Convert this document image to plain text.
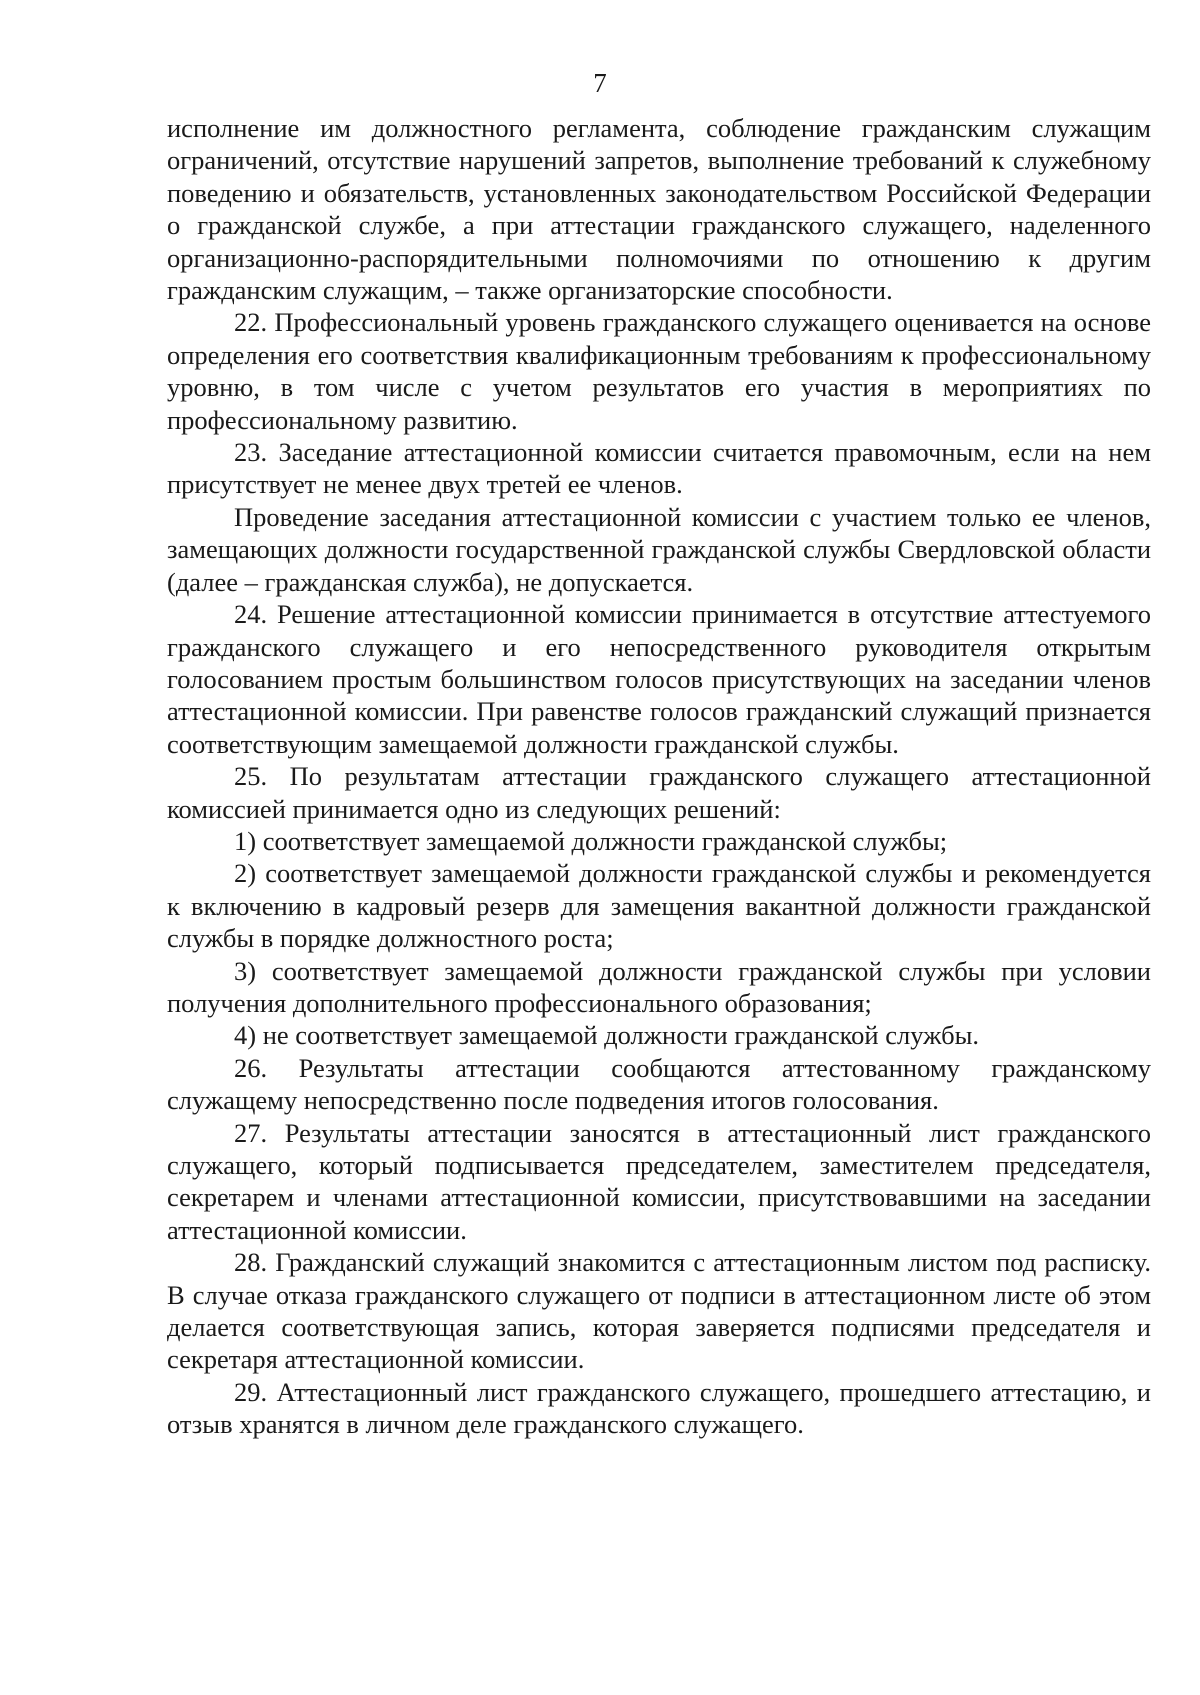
7

исполнение им должностного регламента, соблюдение гражданским служащим ограничений, отсутствие нарушений запретов, выполнение требований к служебному поведению и обязательств, установленных законодательством Российской Федерации о гражданской службе, а при аттестации гражданского служащего, наделенного организационно-распорядительными полномочиями по отношению к другим гражданским служащим, – также организаторские способности.

22. Профессиональный уровень гражданского служащего оценивается на основе определения его соответствия квалификационным требованиям к профессиональному уровню, в том числе с учетом результатов его участия в мероприятиях по профессиональному развитию.

23. Заседание аттестационной комиссии считается правомочным, если на нем присутствует не менее двух третей ее членов.

Проведение заседания аттестационной комиссии с участием только ее членов, замещающих должности государственной гражданской службы Свердловской области (далее – гражданская служба), не допускается.

24. Решение аттестационной комиссии принимается в отсутствие аттестуемого гражданского служащего и его непосредственного руководителя открытым голосованием простым большинством голосов присутствующих на заседании членов аттестационной комиссии. При равенстве голосов гражданский служащий признается соответствующим замещаемой должности гражданской службы.

25. По результатам аттестации гражданского служащего аттестационной комиссией принимается одно из следующих решений:

1) соответствует замещаемой должности гражданской службы;

2) соответствует замещаемой должности гражданской службы и рекомендуется к включению в кадровый резерв для замещения вакантной должности гражданской службы в порядке должностного роста;

3) соответствует замещаемой должности гражданской службы при условии получения дополнительного профессионального образования;

4) не соответствует замещаемой должности гражданской службы.

26. Результаты аттестации сообщаются аттестованному гражданскому служащему непосредственно после подведения итогов голосования.

27. Результаты аттестации заносятся в аттестационный лист гражданского служащего, который подписывается председателем, заместителем председателя, секретарем и членами аттестационной комиссии, присутствовавшими на заседании аттестационной комиссии.

28. Гражданский служащий знакомится с аттестационным листом под расписку. В случае отказа гражданского служащего от подписи в аттестационном листе об этом делается соответствующая запись, которая заверяется подписями председателя и секретаря аттестационной комиссии.

29. Аттестационный лист гражданского служащего, прошедшего аттестацию, и отзыв хранятся в личном деле гражданского служащего.
